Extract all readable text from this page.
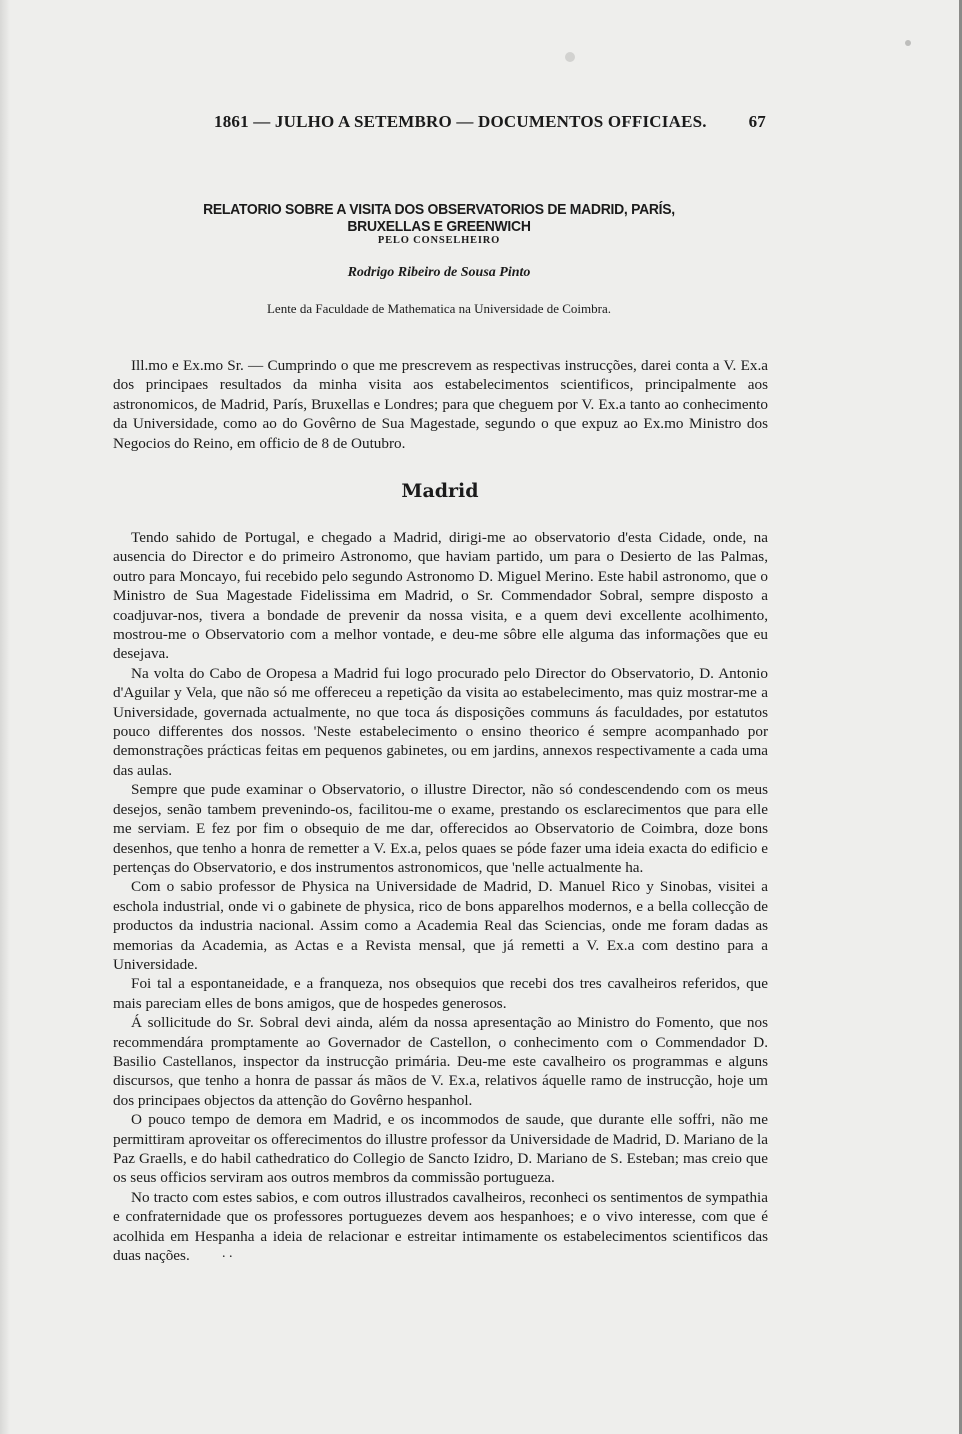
1861 — JULHO A SETEMBRO — DOCUMENTOS OFFICIAES. 67
RELATORIO SOBRE A VISITA DOS OBSERVATORIOS DE MADRID, PARÍS, BRUXELLAS E GREENWICH
PELO CONSELHEIRO
Rodrigo Ribeiro de Sousa Pinto
Lente da Faculdade de Mathematica na Universidade de Coimbra.

Ill.mo e Ex.mo Sr. — Cumprindo o que me prescrevem as respectivas instrucções, darei conta a V. Ex.a dos principaes resultados da minha visita aos estabelecimentos scientificos, principalmente aos astronomicos, de Madrid, París, Bruxellas e Londres; para que cheguem por V. Ex.a tanto ao conhecimento da Universidade, como ao do Govêrno de Sua Magestade, segundo o que expuz ao Ex.mo Ministro dos Negocios do Reino, em officio de 8 de Outubro.

Madrid

Tendo sahido de Portugal, e chegado a Madrid, dirigi-me ao observatorio d'esta Cidade, onde, na ausencia do Director e do primeiro Astronomo, que haviam partido, um para o Desierto de las Palmas, outro para Moncayo, fui recebido pelo segundo Astronomo D. Miguel Merino. Este habil astronomo, que o Ministro de Sua Magestade Fidelissima em Madrid, o Sr. Commendador Sobral, sempre disposto a coadjuvar-nos, tivera a bondade de prevenir da nossa visita, e a quem devi excellente acolhimento, mostrou-me o Observatorio com a melhor vontade, e deu-me sôbre elle alguma das informações que eu desejava.

Na volta do Cabo de Oropesa a Madrid fui logo procurado pelo Director do Observatorio, D. Antonio d'Aguilar y Vela, que não só me offereceu a repetição da visita ao estabelecimento, mas quiz mostrar-me a Universidade, governada actualmente, no que toca ás disposições communs ás faculdades, por estatutos pouco differentes dos nossos. 'Neste estabelecimento o ensino theorico é sempre acompanhado por demonstrações prácticas feitas em pequenos gabinetes, ou em jardins, annexos respectivamente a cada uma das aulas.

Sempre que pude examinar o Observatorio, o illustre Director, não só condescendendo com os meus desejos, senão tambem prevenindo-os, facilitou-me o exame, prestando os esclarecimentos que para elle me serviam. E fez por fim o obsequio de me dar, offerecidos ao Observatorio de Coimbra, doze bons desenhos, que tenho a honra de remetter a V. Ex.a, pelos quaes se póde fazer uma ideia exacta do edificio e pertenças do Observatorio, e dos instrumentos astronomicos, que 'nelle actualmente ha.

Com o sabio professor de Physica na Universidade de Madrid, D. Manuel Rico y Sinobas, visitei a eschola industrial, onde vi o gabinete de physica, rico de bons apparelhos modernos, e a bella collecção de productos da industria nacional. Assim como a Academia Real das Sciencias, onde me foram dadas as memorias da Academia, as Actas e a Revista mensal, que já remetti a V. Ex.a com destino para a Universidade.

Foi tal a espontaneidade, e a franqueza, nos obsequios que recebi dos tres cavalheiros referidos, que mais pareciam elles de bons amigos, que de hospedes generosos.

Á sollicitude do Sr. Sobral devi ainda, além da nossa apresentação ao Ministro do Fomento, que nos recommendára promptamente ao Governador de Castellon, o conhecimento com o Commendador D. Basilio Castellanos, inspector da instrucção primária. Deu-me este cavalheiro os programmas e alguns discursos, que tenho a honra de passar ás mãos de V. Ex.a, relativos áquelle ramo de instrucção, hoje um dos principaes objectos da attenção do Govêrno hespanhol.

O pouco tempo de demora em Madrid, e os incommodos de saude, que durante elle soffri, não me permittiram aproveitar os offerecimentos do illustre professor da Universidade de Madrid, D. Mariano de la Paz Graells, e do habil cathedratico do Collegio de Sancto Izidro, D. Mariano de S. Esteban; mas creio que os seus officios serviram aos outros membros da commissão portugueza.

No tracto com estes sabios, e com outros illustrados cavalheiros, reconheci os sentimentos de sympathia e confraternidade que os professores portuguezes devem aos hespanhoes; e o vivo interesse, com que é acolhida em Hespanha a ideia de relacionar e estreitar intimamente os estabelecimentos scientificos das duas nações.	. .
